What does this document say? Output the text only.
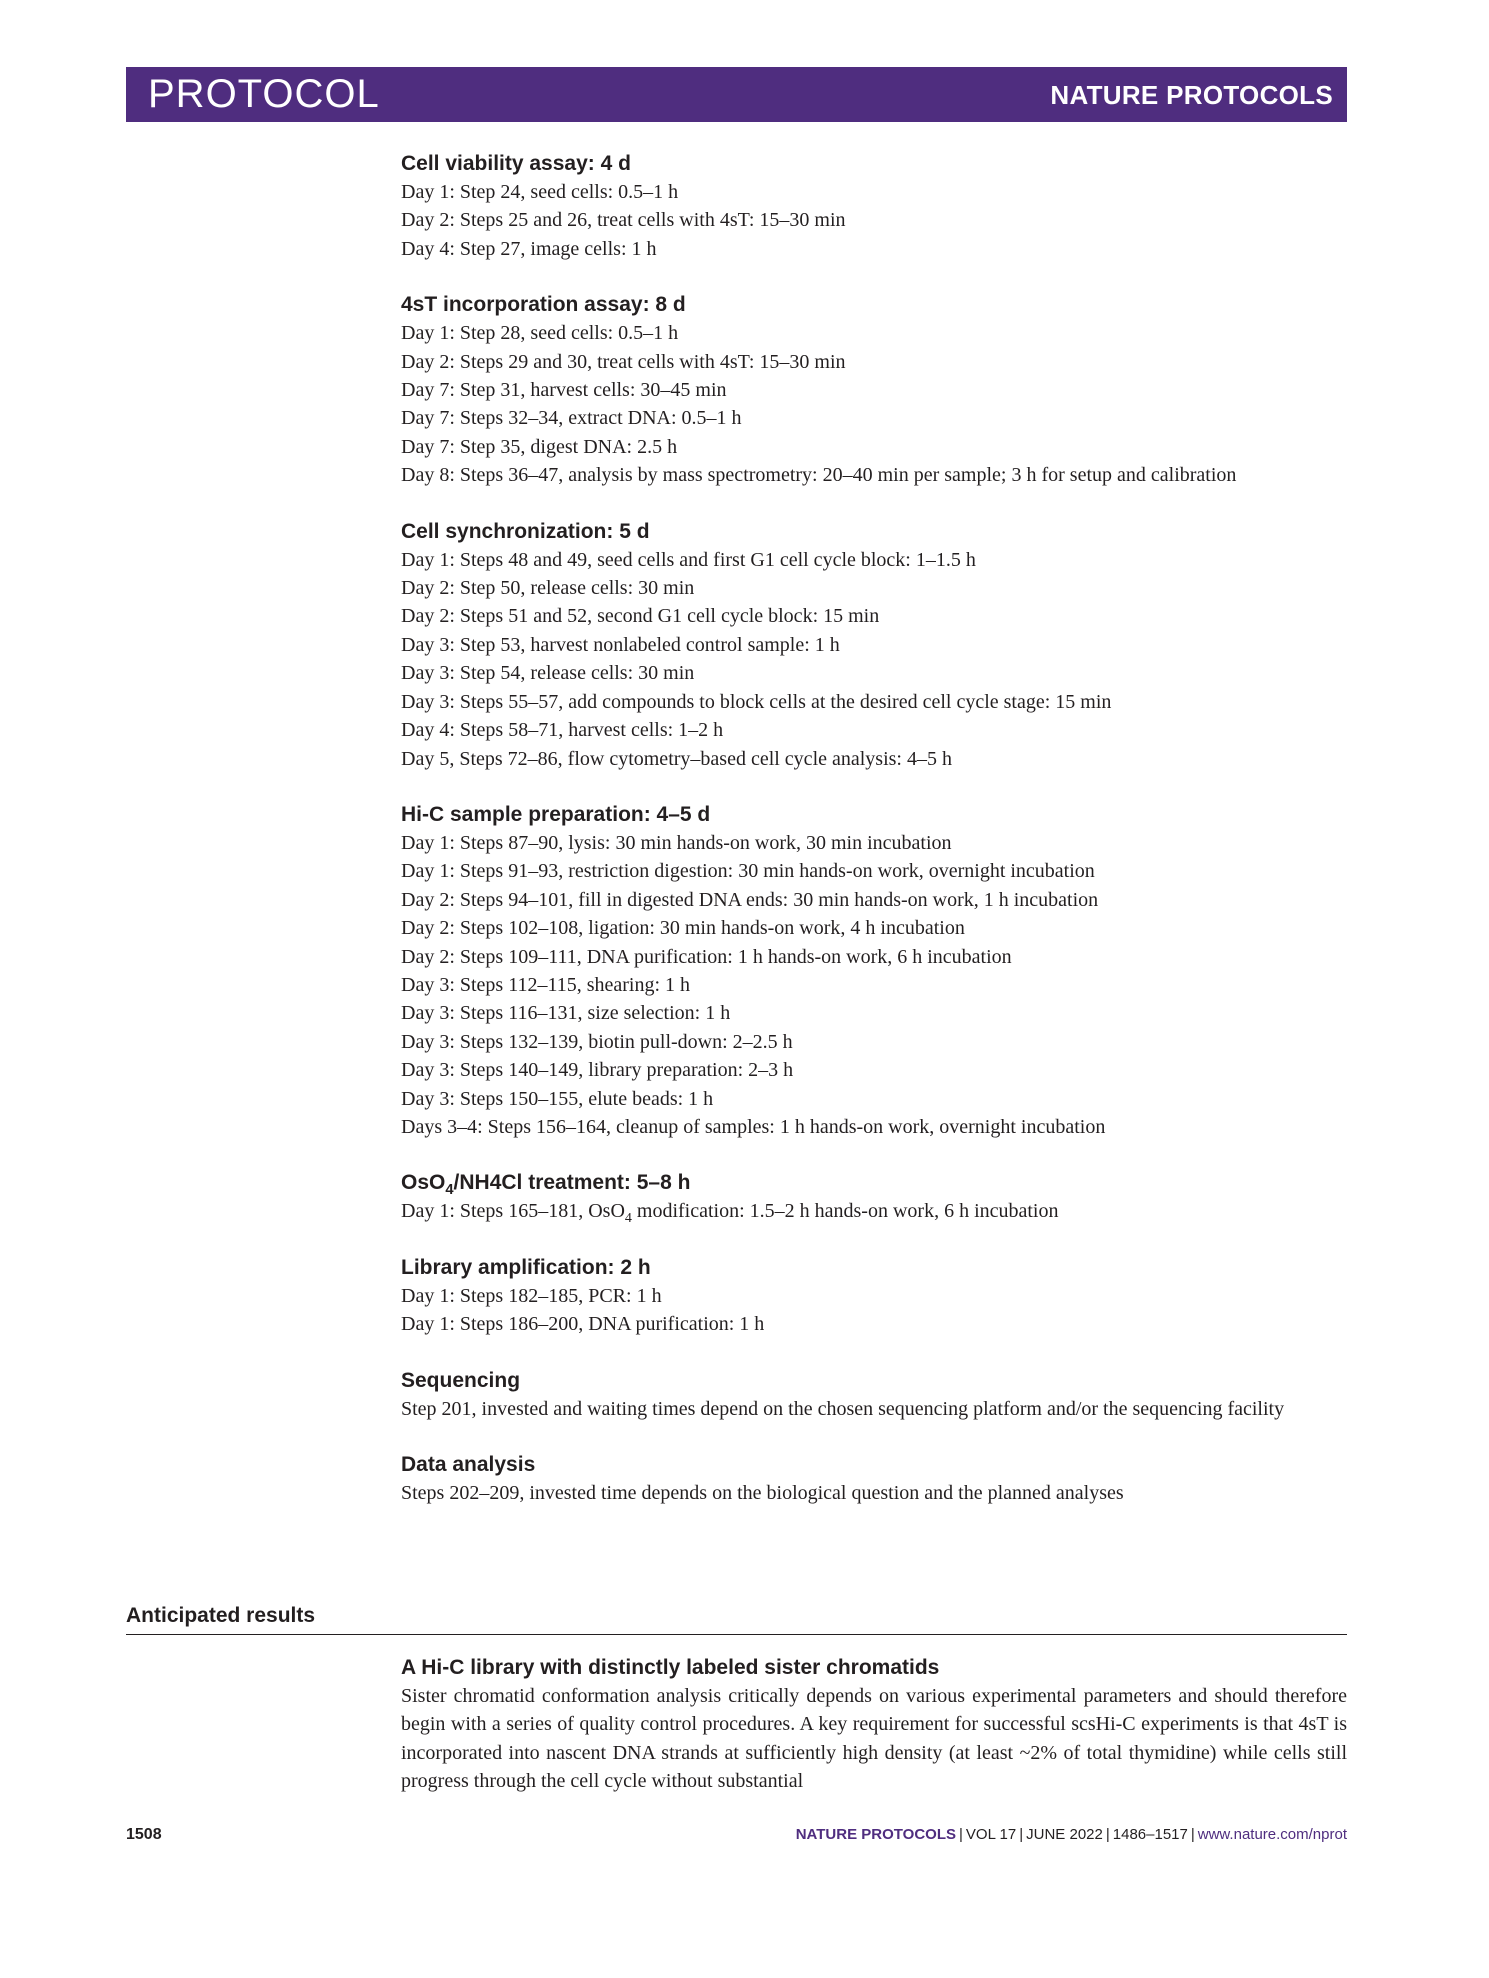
PROTOCOL	NATURE PROTOCOLS
Cell viability assay: 4 d
Day 1: Step 24, seed cells: 0.5–1 h
Day 2: Steps 25 and 26, treat cells with 4sT: 15–30 min
Day 4: Step 27, image cells: 1 h
4sT incorporation assay: 8 d
Day 1: Step 28, seed cells: 0.5–1 h
Day 2: Steps 29 and 30, treat cells with 4sT: 15–30 min
Day 7: Step 31, harvest cells: 30–45 min
Day 7: Steps 32–34, extract DNA: 0.5–1 h
Day 7: Step 35, digest DNA: 2.5 h
Day 8: Steps 36–47, analysis by mass spectrometry: 20–40 min per sample; 3 h for setup and calibration
Cell synchronization: 5 d
Day 1: Steps 48 and 49, seed cells and first G1 cell cycle block: 1–1.5 h
Day 2: Step 50, release cells: 30 min
Day 2: Steps 51 and 52, second G1 cell cycle block: 15 min
Day 3: Step 53, harvest nonlabeled control sample: 1 h
Day 3: Step 54, release cells: 30 min
Day 3: Steps 55–57, add compounds to block cells at the desired cell cycle stage: 15 min
Day 4: Steps 58–71, harvest cells: 1–2 h
Day 5, Steps 72–86, flow cytometry–based cell cycle analysis: 4–5 h
Hi-C sample preparation: 4–5 d
Day 1: Steps 87–90, lysis: 30 min hands-on work, 30 min incubation
Day 1: Steps 91–93, restriction digestion: 30 min hands-on work, overnight incubation
Day 2: Steps 94–101, fill in digested DNA ends: 30 min hands-on work, 1 h incubation
Day 2: Steps 102–108, ligation: 30 min hands-on work, 4 h incubation
Day 2: Steps 109–111, DNA purification: 1 h hands-on work, 6 h incubation
Day 3: Steps 112–115, shearing: 1 h
Day 3: Steps 116–131, size selection: 1 h
Day 3: Steps 132–139, biotin pull-down: 2–2.5 h
Day 3: Steps 140–149, library preparation: 2–3 h
Day 3: Steps 150–155, elute beads: 1 h
Days 3–4: Steps 156–164, cleanup of samples: 1 h hands-on work, overnight incubation
OsO$_4$/NH4Cl treatment: 5–8 h
Day 1: Steps 165–181, OsO$_4$ modification: 1.5–2 h hands-on work, 6 h incubation
Library amplification: 2 h
Day 1: Steps 182–185, PCR: 1 h
Day 1: Steps 186–200, DNA purification: 1 h
Sequencing
Step 201, invested and waiting times depend on the chosen sequencing platform and/or the sequencing facility
Data analysis
Steps 202–209, invested time depends on the biological question and the planned analyses
Anticipated results
A Hi-C library with distinctly labeled sister chromatids
Sister chromatid conformation analysis critically depends on various experimental parameters and should therefore begin with a series of quality control procedures. A key requirement for successful scsHi-C experiments is that 4sT is incorporated into nascent DNA strands at sufficiently high density (at least ~2% of total thymidine) while cells still progress through the cell cycle without substantial
1508	NATURE PROTOCOLS | VOL 17 | JUNE 2022 | 1486–1517 | www.nature.com/nprot
